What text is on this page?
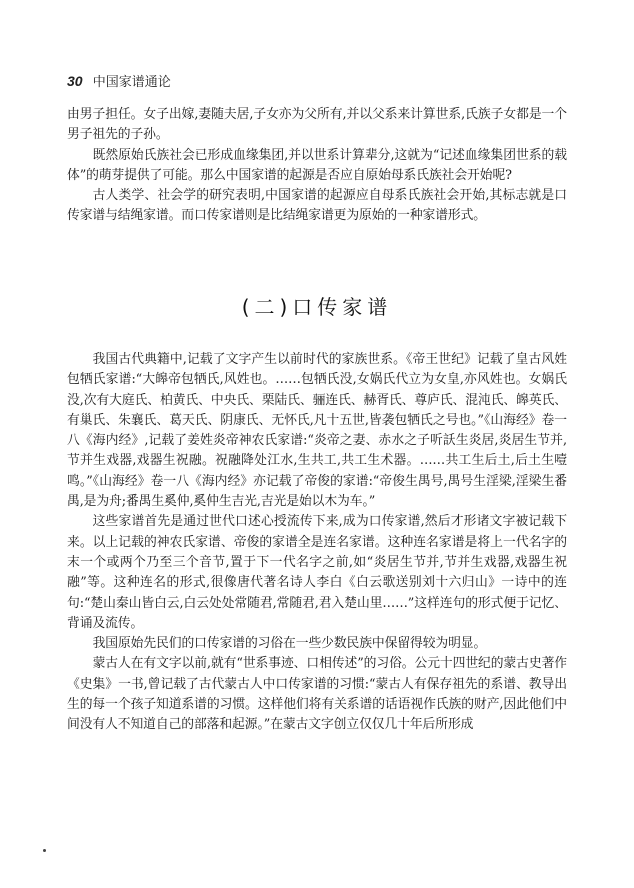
30 中国家谱通论

由男子担任。女子出嫁,妻随夫居,子女亦为父所有,并以父系来计算世系,氏族子女都是一个男子祖先的子孙。

既然原始氏族社会已形成血缘集团,并以世系计算辈分,这就为“记述血缘集团世系的载体”的萌芽提供了可能。那么中国家谱的起源是否应自原始母系氏族社会开始呢?

古人类学、社会学的研究表明,中国家谱的起源应自母系氏族社会开始,其标志就是口传家谱与结绳家谱。而口传家谱则是比结绳家谱更为原始的一种家谱形式。

(二)口传家谱

我国古代典籍中,记载了文字产生以前时代的家族世系。《帝王世纪》记载了皇古风姓包牺氏家谱:“大皞帝包牺氏,风姓也。……包牺氏没,女娲氏代立为女皇,亦风姓也。女娲氏没,次有大庭氏、柏黄氏、中央氏、栗陆氏、骊连氏、赫胥氏、尊庐氏、混沌氏、皞英氏、有巢氏、朱襄氏、葛天氏、阴康氏、无怀氏,凡十五世,皆袭包牺氏之号也。”《山海经》卷一八《海内经》,记载了姜姓炎帝神农氏家谱:“炎帝之妻、赤水之子听訞生炎居,炎居生节并,节并生戏器,戏器生祝融。祝融降处江水,生共工,共工生术器。……共工生后土,后土生噎鸣。”《山海经》卷一八《海内经》亦记载了帝俊的家谱:“帝俊生禺号,禺号生淫梁,淫梁生番禺,是为舟;番禺生奚仲,奚仲生吉光,吉光是始以木为车。”

这些家谱首先是通过世代口述心授流传下来,成为口传家谱,然后才形诸文字被记载下来。以上记载的神农氏家谱、帝俊的家谱全是连名家谱。这种连名家谱是将上一代名字的末一个或两个乃至三个音节,置于下一代名字之前,如“炎居生节并,节并生戏器,戏器生祝融”等。这种连名的形式,很像唐代著名诗人李白《白云歌送别刘十六归山》一诗中的连句:“楚山秦山皆白云,白云处处常随君,常随君,君入楚山里……”这样连句的形式便于记忆、背诵及流传。

我国原始先民们的口传家谱的习俗在一些少数民族中保留得较为明显。

蒙古人在有文字以前,就有“世系事迹、口相传述”的习俗。公元十四世纪的蒙古史著作《史集》一书,曾记载了古代蒙古人中口传家谱的习惯:“蒙古人有保存祖先的系谱、教导出生的每一个孩子知道系谱的习惯。这样他们将有关系谱的话语视作氏族的财产,因此他们中间没有人不知道自己的部落和起源。”在蒙古文字创立仅仅几十年后所形成
